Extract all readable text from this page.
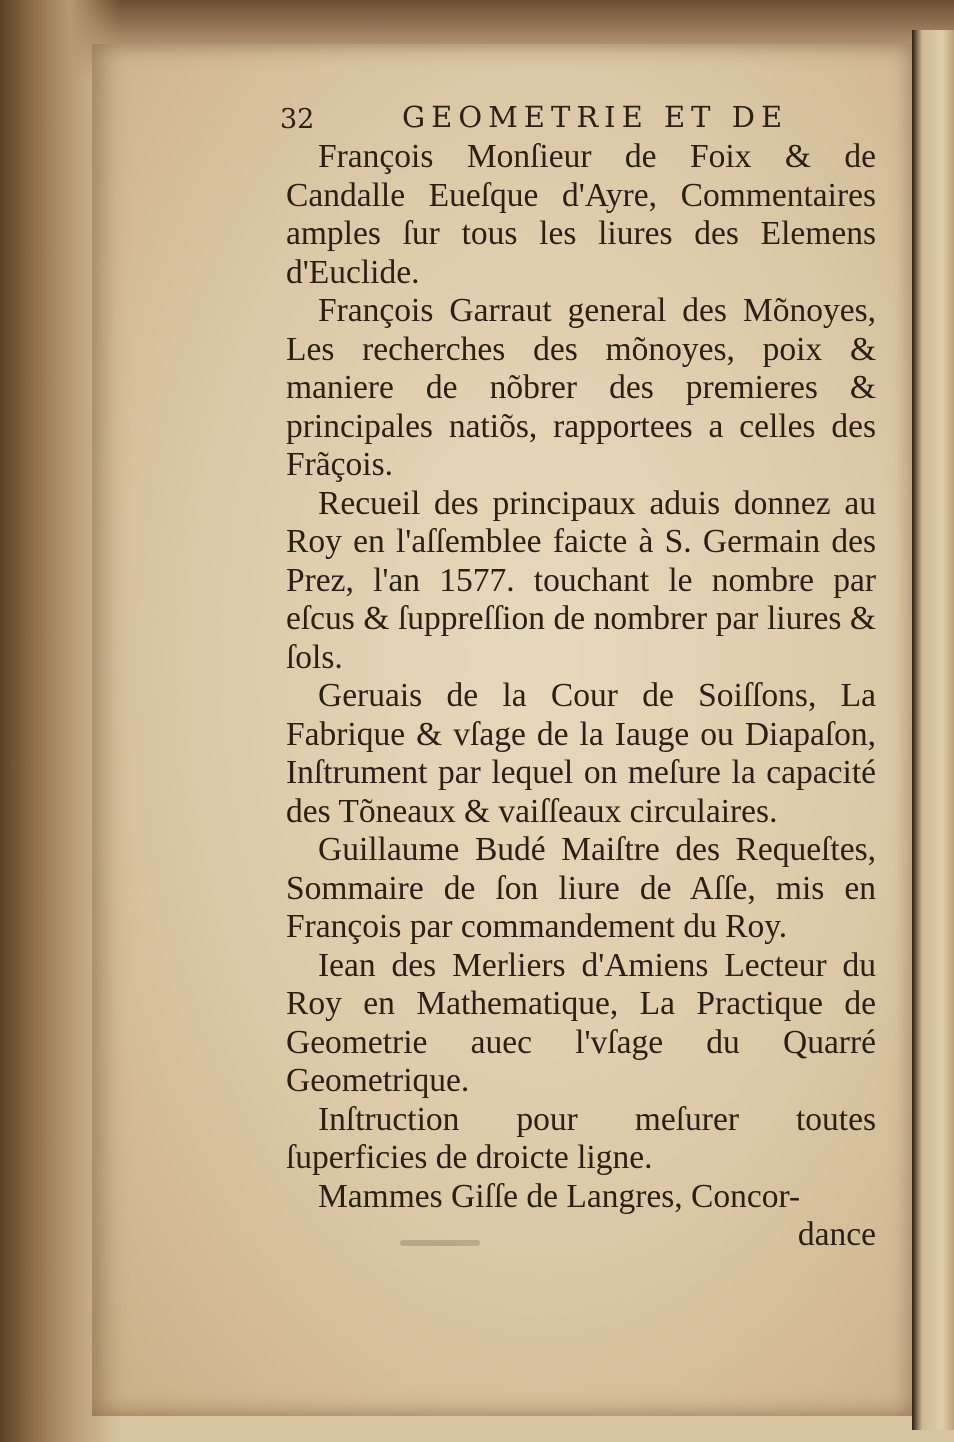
32	GEOMETRIE ET DE

François Monſieur de Foix & de Candalle Eueſque d'Ayre, Commentaires amples ſur tous les liures des Elemens d'Euclide.

François Garraut general des Mõnoyes, Les recherches des mõnoyes, poix & maniere de nõbrer des premieres & principales natiõs, rapportees a celles des Frãçois.

Recueil des principaux aduis donnez au Roy en l'aſſemblee faicte à S. Germain des Prez, l'an 1577. touchant le nombre par eſcus & ſuppreſſion de nombrer par liures & ſols.

Geruais de la Cour de Soiſſons, La Fabrique & vſage de la Iauge ou Diapaſon, Inſtrument par lequel on meſure la capacité des Tõneaux & vaiſſeaux circulaires.

Guillaume Budé Maiſtre des Requeſtes, Sommaire de ſon liure de Aſſe, mis en François par commandement du Roy.

Iean des Merliers d'Amiens Lecteur du Roy en Mathematique, La Practique de Geometrie auec l'vſage du Quarré Geometrique.

Inſtruction pour meſurer toutes ſuperficies de droicte ligne.

Mammes Giſſe de Langres, Concor-

dance
